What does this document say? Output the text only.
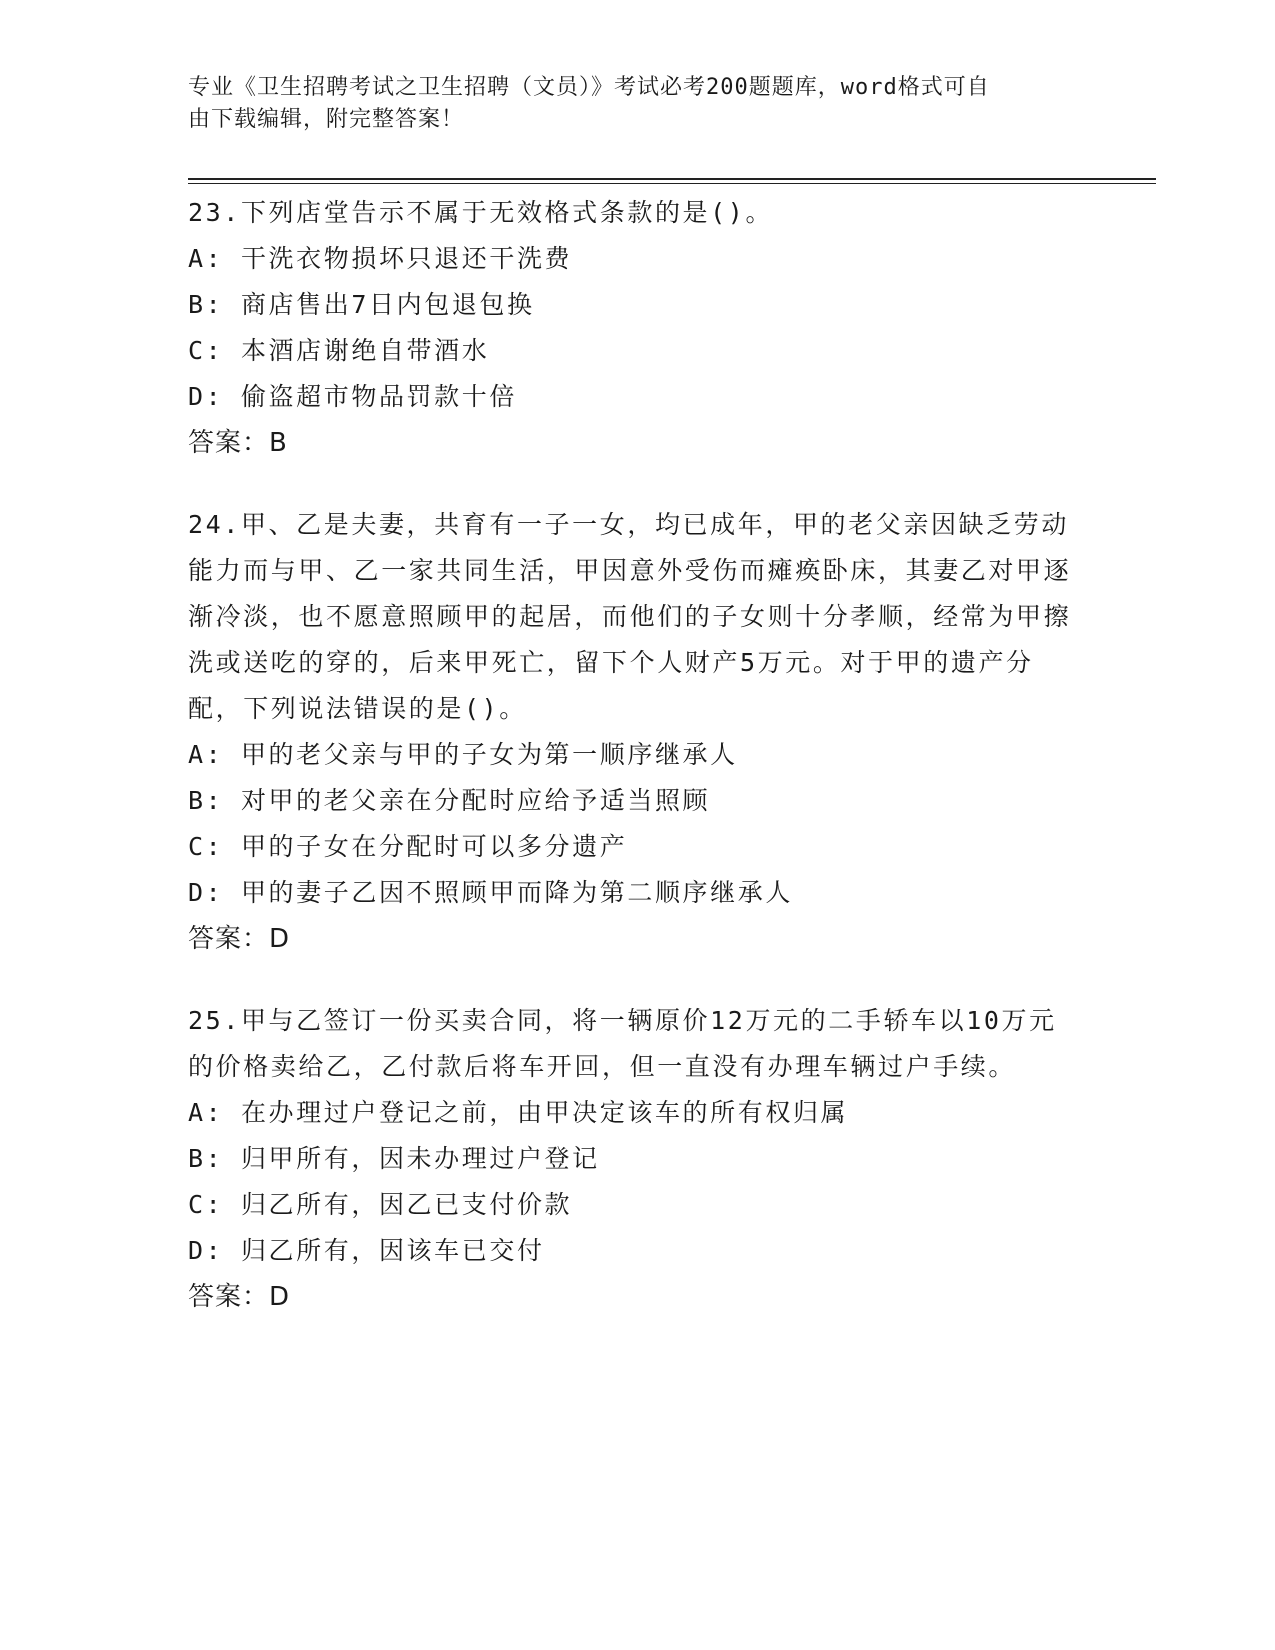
专业《卫生招聘考试之卫生招聘（文员）》考试必考200题题库，word格式可自
由下载编辑，附完整答案！
23.下列店堂告示不属于无效格式条款的是()。
A: 干洗衣物损坏只退还干洗费
B: 商店售出7日内包退包换
C: 本酒店谢绝自带酒水
D: 偷盗超市物品罚款十倍
答案：B
24.甲、乙是夫妻，共育有一子一女，均已成年，甲的老父亲因缺乏劳动能力而与甲、乙一家共同生活，甲因意外受伤而瘫痪卧床，其妻乙对甲逐渐冷淡，也不愿意照顾甲的起居，而他们的子女则十分孝顺，经常为甲擦洗或送吃的穿的，后来甲死亡，留下个人财产5万元。对于甲的遗产分配，下列说法错误的是()。
A: 甲的老父亲与甲的子女为第一顺序继承人
B: 对甲的老父亲在分配时应给予适当照顾
C: 甲的子女在分配时可以多分遗产
D: 甲的妻子乙因不照顾甲而降为第二顺序继承人
答案：D
25.甲与乙签订一份买卖合同，将一辆原价12万元的二手轿车以10万元的价格卖给乙，乙付款后将车开回，但一直没有办理车辆过户手续。
A: 在办理过户登记之前，由甲决定该车的所有权归属
B: 归甲所有，因未办理过户登记
C: 归乙所有，因乙已支付价款
D: 归乙所有，因该车已交付
答案：D
